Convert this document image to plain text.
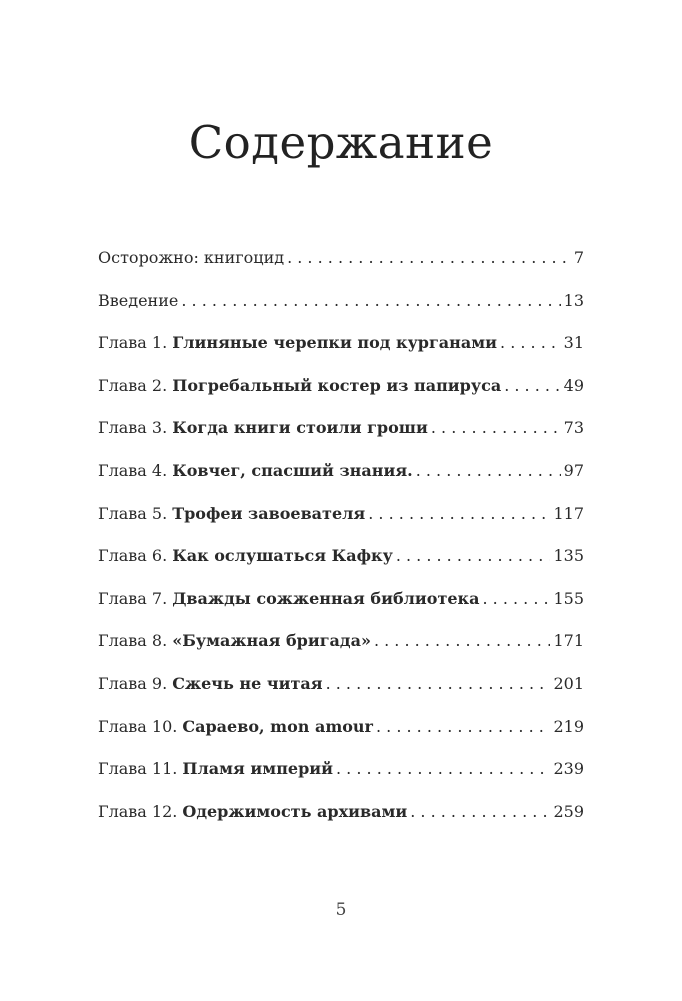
Содержание
Осторожно: книгоцид . . .	7
Введение . . .	13
Глава 1. Глиняные черепки под курганами . . .	31
Глава 2. Погребальный костер из папируса . . .	49
Глава 3. Когда книги стоили гроши . . .	73
Глава 4. Ковчег, спасший знания. . . .	97
Глава 5. Трофеи завоевателя . . .	117
Глава 6. Как ослушаться Кафку . . .	135
Глава 7. Дважды сожженная библиотека . . .	155
Глава 8. «Бумажная бригада» . . .	171
Глава 9. Сжечь не читая . . .	201
Глава 10. Сараево, mon amour . . .	219
Глава 11. Пламя империй . . .	239
Глава 12. Одержимость архивами . . .	259
5
